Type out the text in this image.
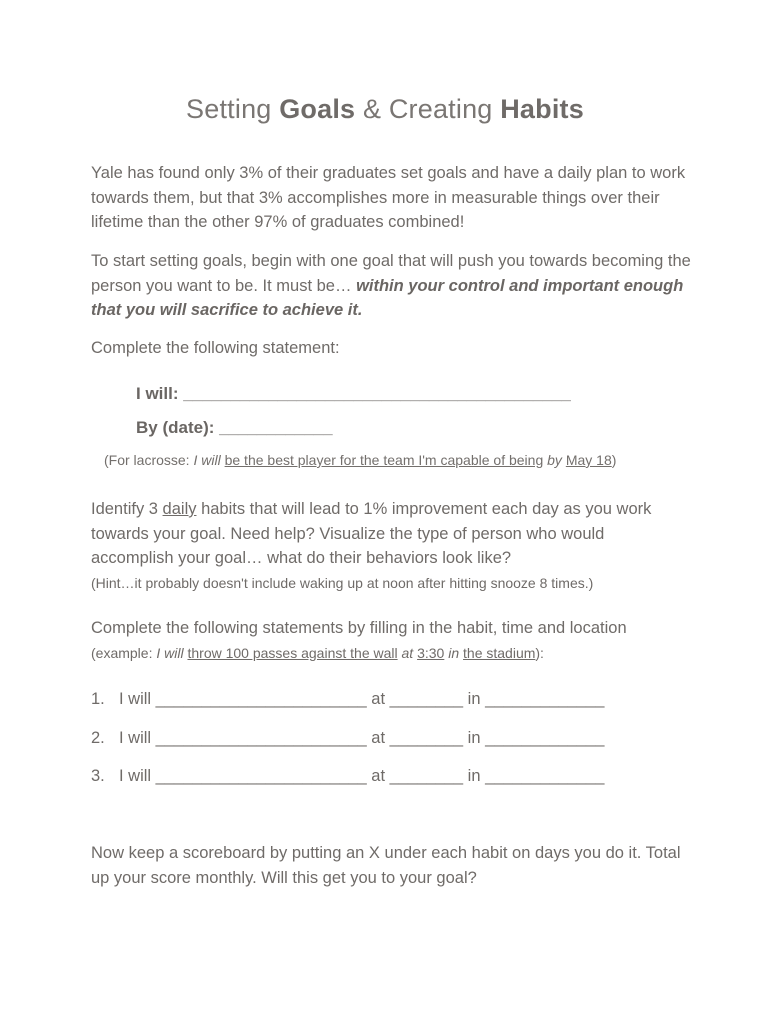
Setting Goals & Creating Habits
Yale has found only 3% of their graduates set goals and have a daily plan to work towards them, but that 3% accomplishes more in measurable things over their lifetime than the other 97% of graduates combined!
To start setting goals, begin with one goal that will push you towards becoming the person you want to be. It must be… within your control and important enough that you will sacrifice to achieve it.
Complete the following statement:
I will: _________________________________________
By (date): ____________
(For lacrosse: I will be the best player for the team I'm capable of being by May 18)
Identify 3 daily habits that will lead to 1% improvement each day as you work towards your goal. Need help? Visualize the type of person who would accomplish your goal… what do their behaviors look like?
(Hint…it probably doesn't include waking up at noon after hitting snooze 8 times.)
Complete the following statements by filling in the habit, time and location (example: I will throw 100 passes against the wall at 3:30 in the stadium):
1. I will _______________________ at ________ in _____________
2. I will _______________________ at ________ in _____________
3. I will _______________________ at ________ in _____________
Now keep a scoreboard by putting an X under each habit on days you do it. Total up your score monthly. Will this get you to your goal?
